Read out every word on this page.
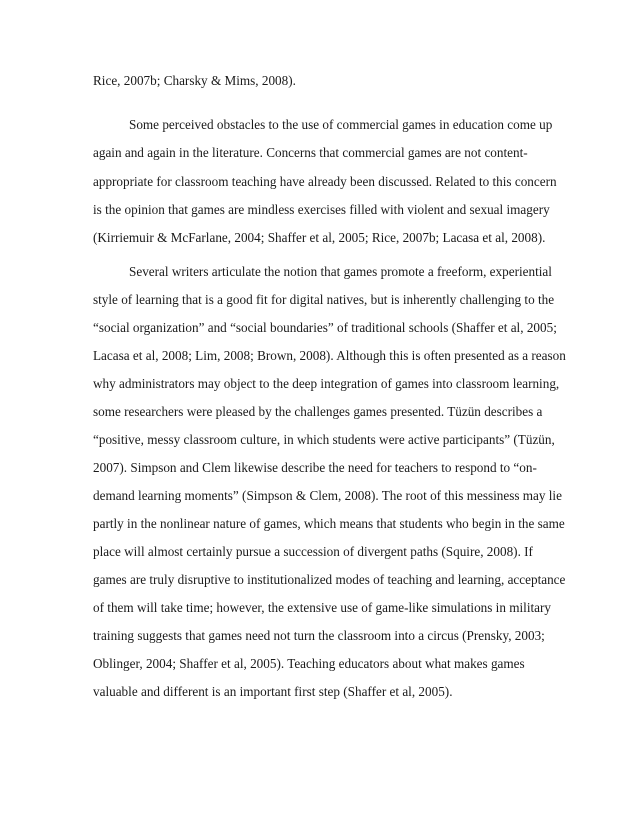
Rice, 2007b; Charsky & Mims, 2008).
Some perceived obstacles to the use of commercial games in education come up
again and again in the literature. Concerns that commercial games are not content-
appropriate for classroom teaching have already been discussed. Related to this concern
is the opinion that games are mindless exercises filled with violent and sexual imagery
(Kirriemuir & McFarlane, 2004; Shaffer et al, 2005; Rice, 2007b; Lacasa et al, 2008).
Several writers articulate the notion that games promote a freeform, experiential
style of learning that is a good fit for digital natives, but is inherently challenging to the
“social organization” and “social boundaries” of traditional schools (Shaffer et al, 2005;
Lacasa et al, 2008; Lim, 2008; Brown, 2008). Although this is often presented as a reason
why administrators may object to the deep integration of games into classroom learning,
some researchers were pleased by the challenges games presented. Tüzün describes a
“positive, messy classroom culture, in which students were active participants” (Tüzün,
2007). Simpson and Clem likewise describe the need for teachers to respond to “on-
demand learning moments” (Simpson & Clem, 2008). The root of this messiness may lie
partly in the nonlinear nature of games, which means that students who begin in the same
place will almost certainly pursue a succession of divergent paths (Squire, 2008). If
games are truly disruptive to institutionalized modes of teaching and learning, acceptance
of them will take time; however, the extensive use of game-like simulations in military
training suggests that games need not turn the classroom into a circus (Prensky, 2003;
Oblinger, 2004; Shaffer et al, 2005). Teaching educators about what makes games
valuable and different is an important first step (Shaffer et al, 2005).
